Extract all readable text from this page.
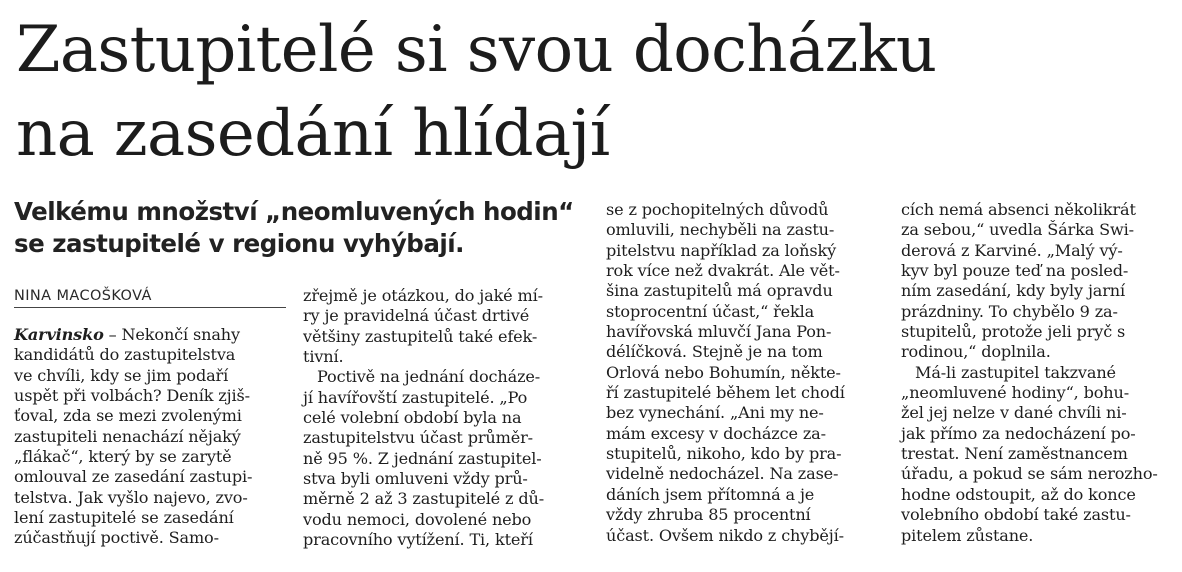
Zastupitelé si svou docházku
na zasedání hlídají
Velkému množství „neomluvených hodin“
se zastupitelé v regionu vyhýbají.
NINA MACOŠKOVÁ
Karvinsko – Nekončí snahy
kandidátů do zastupitelstva
ve chvíli, kdy se jim podaří
uspět při volbách? Deník zjiš-
ťoval, zda se mezi zvolenými
zastupiteli nenachází nějaký
„flákač“, který by se zarytě
omlouval ze zasedání zastupi-
telstva. Jak vyšlo najevo, zvo-
lení zastupitelé se zasedání
zúčastňují poctivě. Samo-
zřejmě je otázkou, do jaké mí-
ry je pravidelná účast drtivé
většiny zastupitelů také efek-
tivní.
Poctivě na jednání docháze-
jí havířovští zastupitelé. „Po
celé volební období byla na
zastupitelstvu účast průměr-
ně 95 %. Z jednání zastupitel-
stva byli omluveni vždy prů-
měrně 2 až 3 zastupitelé z dů-
vodu nemoci, dovolené nebo
pracovního vytížení. Ti, kteří
se z pochopitelných důvodů
omluvili, nechyběli na zastu-
pitelstvu například za loňský
rok více než dvakrát. Ale vět-
šina zastupitelů má opravdu
stoprocentní účast,“ řekla
havířovská mluvčí Jana Pon-
délíčková. Stejně je na tom
Orlová nebo Bohumín, někte-
ří zastupitelé během let chodí
bez vynechání. „Ani my ne-
mám excesy v docházce za-
stupitelů, nikoho, kdo by pra-
videlně nedocházel. Na zase-
dáních jsem přítomná a je
vždy zhruba 85 procentní
účast. Ovšem nikdo z chybějí-
cích nemá absenci několikrát
za sebou,“ uvedla Šárka Swi-
derová z Karviné. „Malý vý-
kyv byl pouze teď na posled-
ním zasedání, kdy byly jarní
prázdniny. To chybělo 9 za-
stupitelů, protože jeli pryč s
rodinou,“ doplnila.
Má-li zastupitel takzvané
„neomluvené hodiny“, bohu-
žel jej nelze v dané chvíli ni-
jak přímo za nedocházení po-
trestat. Není zaměstnancem
úřadu, a pokud se sám nerozho-
hodne odstoupit, až do konce
volebního období také zastu-
pitelem zůstane.
